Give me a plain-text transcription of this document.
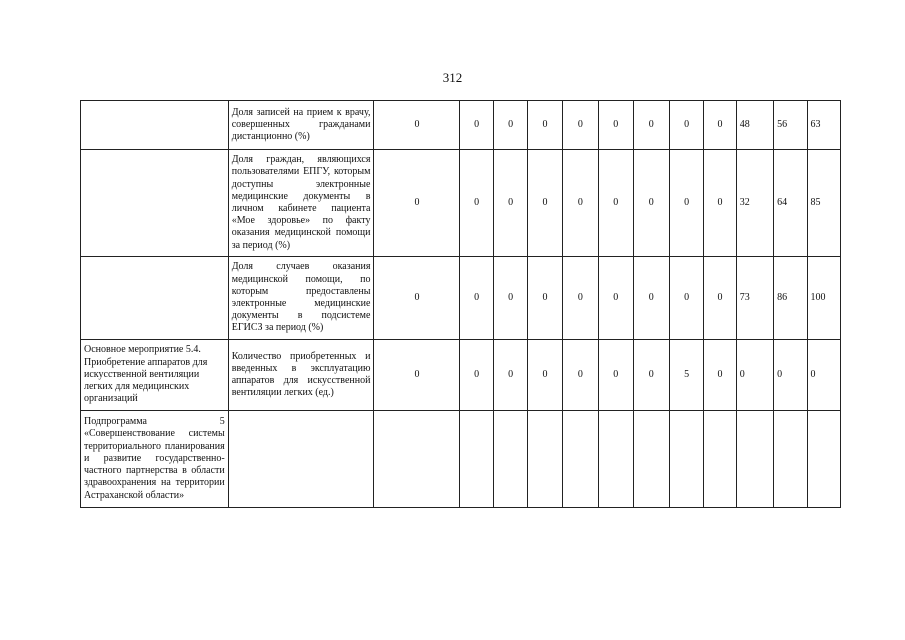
312
	Доля записей на прием к врачу, совершенных гражданами дистанционно (%)	0	0	0	0	0	0	0	0	0	48	56	63
	Доля граждан, являющихся пользователями ЕПГУ, которым доступны электронные медицинские документы в личном кабинете пациента «Мое здоровье» по факту оказания медицинской помощи за период (%)	0	0	0	0	0	0	0	0	0	32	64	85
	Доля случаев оказания медицинской помощи, по которым предоставлены электронные медицинские документы в подсистеме ЕГИСЗ за период (%)	0	0	0	0	0	0	0	0	0	73	86	100
Основное мероприятие 5.4. Приобретение аппаратов для искусственной вентиляции легких для медицинских организаций	Количество приобретенных и введенных в эксплуатацию аппаратов для искусственной вентиляции легких (ед.)	0	0	0	0	0	0	0	5	0	0	0	0
Подпрограмма 5 «Совершенствование системы территориального планирования и развитие государственно-частного партнерства в области здравоохранения на территории Астраханской области»													
